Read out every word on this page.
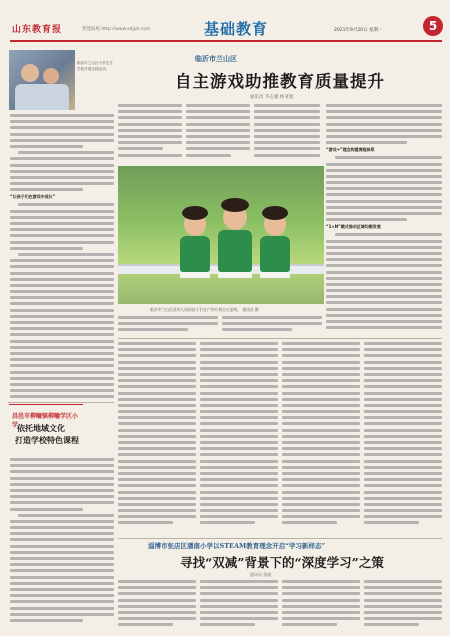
山东教育报	智能报纸 http://www.sdjyb.com	基础教育	2021年9月20日 星期一	5
临沂市兰山区小学生在学校开展实践活动。
临沂市兰山区
自主游戏助推教育质量提升
通讯员 李志强 杨亚娟
“让孩子们在游戏中成长”
“游戏+”理念构建课程体系
“1+N”模式推动区域均衡发展
临沂市兰山区某幼儿园的孩子们在户外开展自主游戏。 通讯员 摄
昌邑市柳疃镇柳疃学区小学
依托地域文化
打造学校特色课程
淄博市张店区潘南小学以STEAM教育理念开启“学习新样态”
寻找“双减”背景下的“深度学习”之策
通讯员 张丽
